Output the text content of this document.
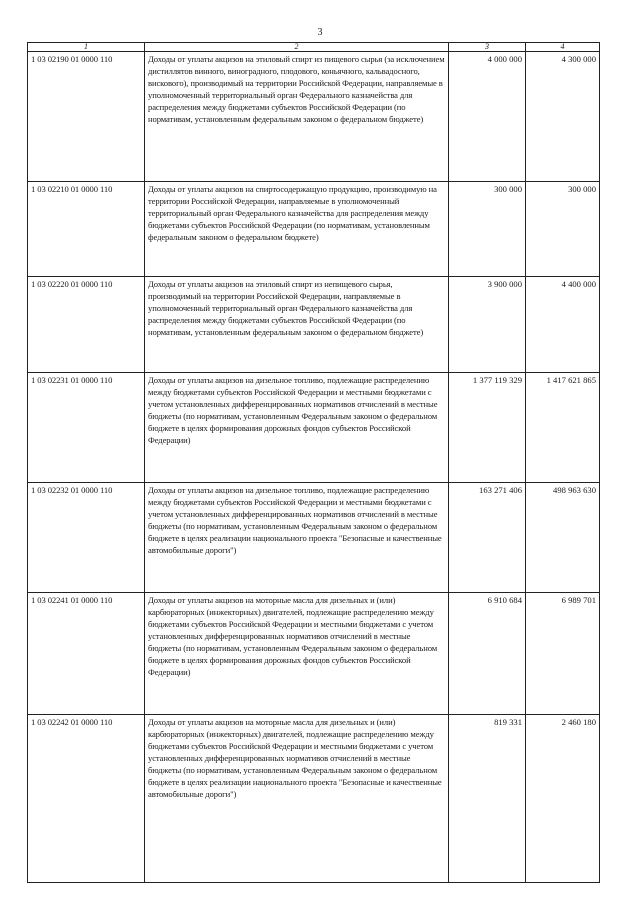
3
1	2	3	4
1 03 02190 01 0000 110	Доходы от уплаты акцизов на этиловый спирт из пищевого сырья (за исключением дистиллятов винного, виноградного, плодового, коньячного, кальвадосного, вискового), производимый на территории Российской Федерации, направляемые в уполномоченный территориальный орган Федерального казначейства для распределения между бюджетами субъектов Российской Федерации (по нормативам, установленным федеральным законом о федеральном бюджете)	4 000 000	4 300 000
1 03 02210 01 0000 110	Доходы от уплаты акцизов на спиртосодержащую продукцию, производимую на территории Российской Федерации, направляемые в уполномоченный территориальный орган Федерального казначейства для распределения между бюджетами субъектов Российской Федерации (по нормативам, установленным федеральным законом о федеральном бюджете)	300 000	300 000
1 03 02220 01 0000 110	Доходы от уплаты акцизов на этиловый спирт из непищевого сырья, производимый на территории Российской Федерации, направляемые в уполномоченный территориальный орган Федерального казначейства для распределения между бюджетами субъектов Российской Федерации (по нормативам, установленным федеральным законом о федеральном бюджете)	3 900 000	4 400 000
1 03 02231 01 0000 110	Доходы от уплаты акцизов на дизельное топливо, подлежащие распределению между бюджетами субъектов Российской Федерации и местными бюджетами с учетом установленных дифференцированных нормативов отчислений в местные бюджеты (по нормативам, установленным Федеральным законом о федеральном бюджете в целях формирования дорожных фондов субъектов Российской Федерации)	1 377 119 329	1 417 621 865
1 03 02232 01 0000 110	Доходы от уплаты акцизов на дизельное топливо, подлежащие распределению между бюджетами субъектов Российской Федерации и местными бюджетами с учетом установленных дифференцированных нормативов отчислений в местные бюджеты (по нормативам, установленным Федеральным законом о федеральном бюджете в целях реализации национального проекта "Безопасные и качественные автомобильные дороги")	163 271 406	498 963 630
1 03 02241 01 0000 110	Доходы от уплаты акцизов на моторные масла для дизельных и (или) карбюраторных (инжекторных) двигателей, подлежащие распределению между бюджетами субъектов Российской Федерации и местными бюджетами с учетом установленных дифференцированных нормативов отчислений в местные бюджеты (по нормативам, установленным Федеральным законом о федеральном бюджете в целях формирования дорожных фондов субъектов Российской Федерации)	6 910 684	6 989 701
1 03 02242 01 0000 110	Доходы от уплаты акцизов на моторные масла для дизельных и (или) карбюраторных (инжекторных) двигателей, подлежащие распределению между бюджетами субъектов Российской Федерации и местными бюджетами с учетом установленных дифференцированных нормативов отчислений в местные бюджеты (по нормативам, установленным Федеральным законом о федеральном бюджете в целях реализации национального проекта "Безопасные и качественные автомобильные дороги")	819 331	2 460 180
